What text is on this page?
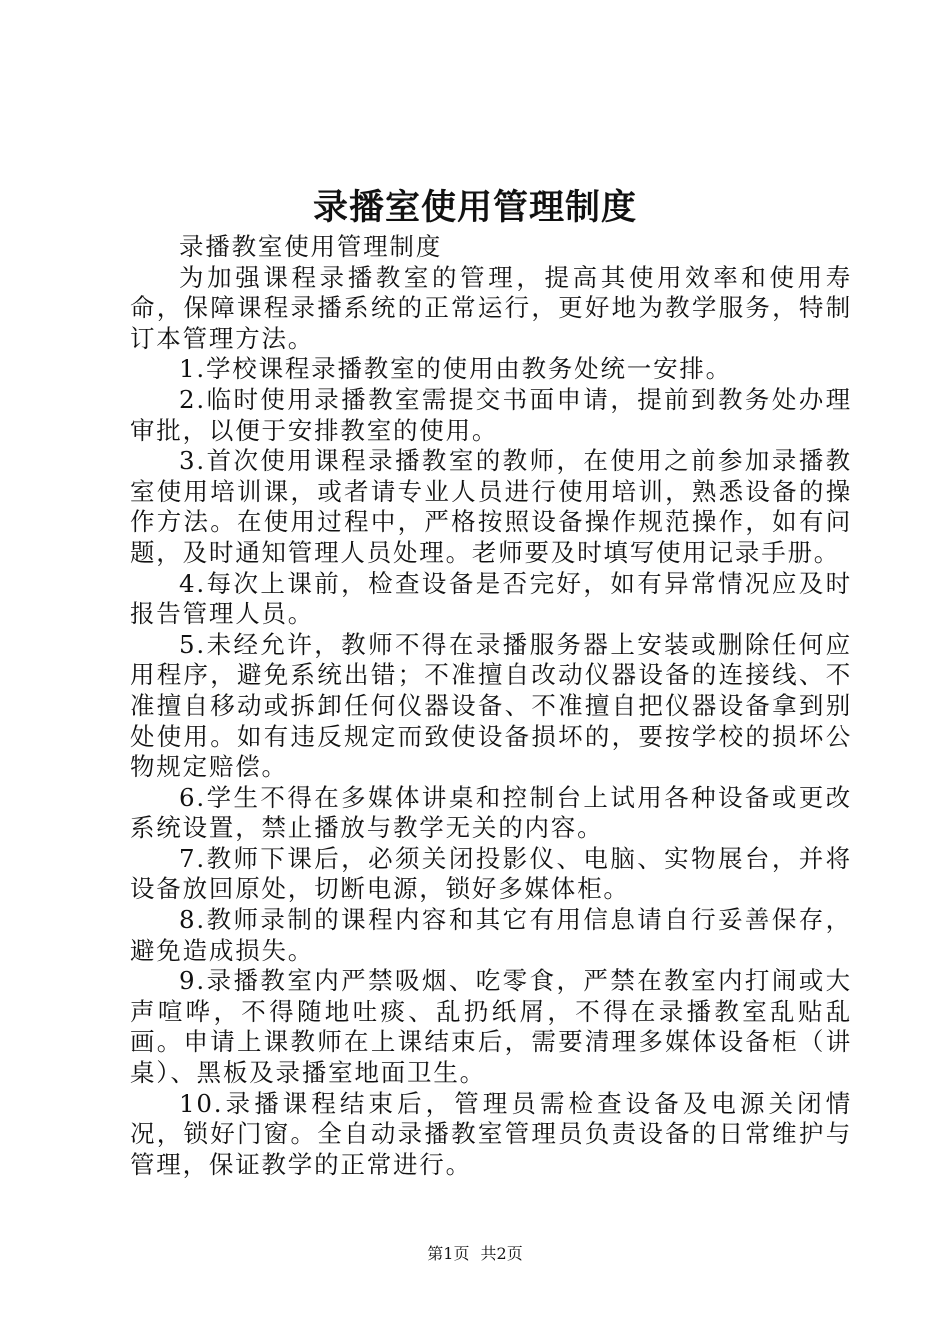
录播室使用管理制度

录播教室使用管理制度

为加强课程录播教室的管理，提高其使用效率和使用寿命，保障课程录播系统的正常运行，更好地为教学服务，特制订本管理方法。

1.学校课程录播教室的使用由教务处统一安排。

2.临时使用录播教室需提交书面申请，提前到教务处办理审批，以便于安排教室的使用。

3.首次使用课程录播教室的教师，在使用之前参加录播教室使用培训课，或者请专业人员进行使用培训，熟悉设备的操作方法。在使用过程中，严格按照设备操作规范操作，如有问题，及时通知管理人员处理。老师要及时填写使用记录手册。

4.每次上课前，检查设备是否完好，如有异常情况应及时报告管理人员。

5.未经允许，教师不得在录播服务器上安装或删除任何应用程序，避免系统出错；不准擅自改动仪器设备的连接线、不准擅自移动或拆卸任何仪器设备、不准擅自把仪器设备拿到别处使用。如有违反规定而致使设备损坏的，要按学校的损坏公物规定赔偿。

6.学生不得在多媒体讲桌和控制台上试用各种设备或更改系统设置，禁止播放与教学无关的内容。

7.教师下课后，必须关闭投影仪、电脑、实物展台，并将设备放回原处，切断电源，锁好多媒体柜。

8.教师录制的课程内容和其它有用信息请自行妥善保存，避免造成损失。

9.录播教室内严禁吸烟、吃零食，严禁在教室内打闹或大声喧哗，不得随地吐痰、乱扔纸屑，不得在录播教室乱贴乱画。申请上课教师在上课结束后，需要清理多媒体设备柜（讲桌）、黑板及录播室地面卫生。

10.录播课程结束后，管理员需检查设备及电源关闭情况，锁好门窗。全自动录播教室管理员负责设备的日常维护与管理，保证教学的正常进行。

第1页 共2页
